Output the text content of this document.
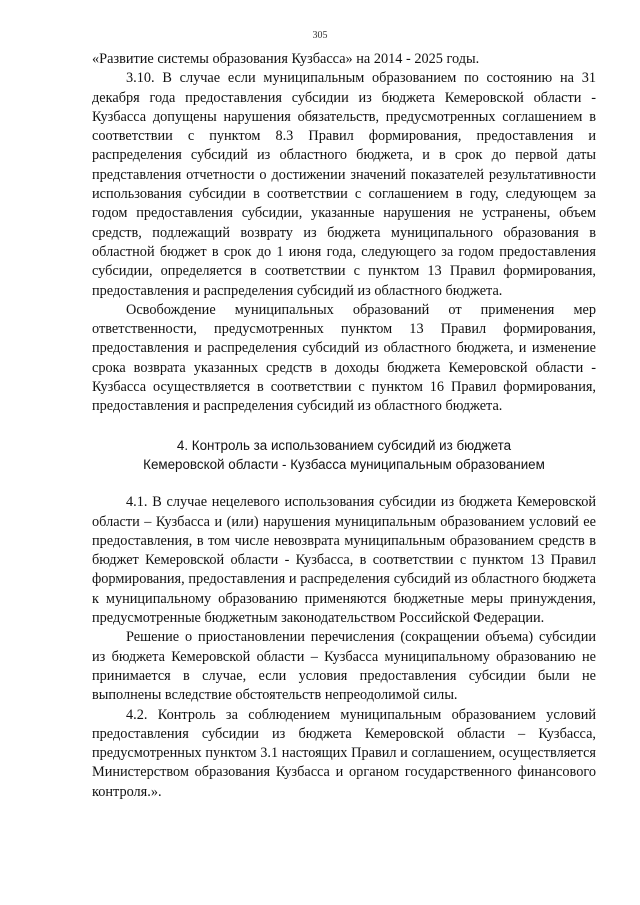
305

«Развитие системы образования Кузбасса» на 2014 - 2025 годы.

3.10. В случае если муниципальным образованием по состоянию на 31 декабря года предоставления субсидии из бюджета Кемеровской области - Кузбасса допущены нарушения обязательств, предусмотренных соглашением в соответствии с пунктом 8.3 Правил формирования, предоставления и распределения субсидий из областного бюджета, и в срок до первой даты представления отчетности о достижении значений показателей результативности использования субсидии в соответствии с соглашением в году, следующем за годом предоставления субсидии, указанные нарушения не устранены, объем средств, подлежащий возврату из бюджета муниципального образования в областной бюджет в срок до 1 июня года, следующего за годом предоставления субсидии, определяется в соответствии с пунктом 13 Правил формирования, предоставления и распределения субсидий из областного бюджета.

Освобождение муниципальных образований от применения мер ответственности, предусмотренных пунктом 13 Правил формирования, предоставления и распределения субсидий из областного бюджета, и изменение срока возврата указанных средств в доходы бюджета Кемеровской области - Кузбасса осуществляется в соответствии с пунктом 16 Правил формирования, предоставления и распределения субсидий из областного бюджета.

4. Контроль за использованием субсидий из бюджета
Кемеровской области - Кузбасса муниципальным образованием

4.1. В случае нецелевого использования субсидии из бюджета Кемеровской области – Кузбасса и (или) нарушения муниципальным образованием условий ее предоставления, в том числе невозврата муниципальным образованием средств в бюджет Кемеровской области - Кузбасса, в соответствии с пунктом 13 Правил формирования, предоставления и распределения субсидий из областного бюджета к муниципальному образованию применяются бюджетные меры принуждения, предусмотренные бюджетным законодательством Российской Федерации.

Решение о приостановлении перечисления (сокращении объема) субсидии из бюджета Кемеровской области – Кузбасса муниципальному образованию не принимается в случае, если условия предоставления субсидии были не выполнены вследствие обстоятельств непреодолимой силы.

4.2. Контроль за соблюдением муниципальным образованием условий предоставления субсидии из бюджета Кемеровской области – Кузбасса, предусмотренных пунктом 3.1 настоящих Правил и соглашением, осуществляется Министерством образования Кузбасса и органом государственного финансового контроля.».
